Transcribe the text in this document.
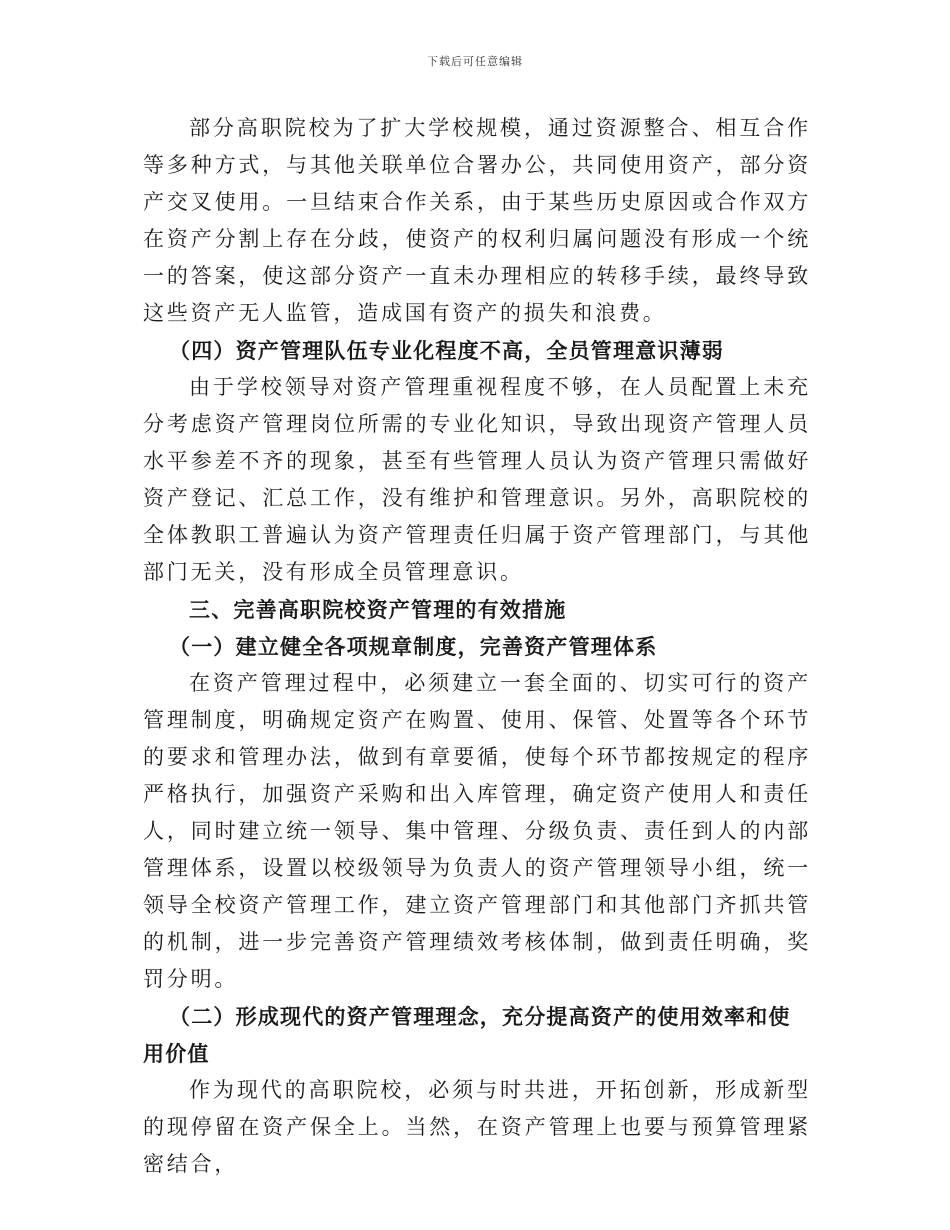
下载后可任意编辑

部分高职院校为了扩大学校规模，通过资源整合、相互合作等多种方式，与其他关联单位合署办公，共同使用资产，部分资产交叉使用。一旦结束合作关系，由于某些历史原因或合作双方在资产分割上存在分歧，使资产的权利归属问题没有形成一个统一的答案，使这部分资产一直未办理相应的转移手续，最终导致这些资产无人监管，造成国有资产的损失和浪费。

（四）资产管理队伍专业化程度不高，全员管理意识薄弱

由于学校领导对资产管理重视程度不够，在人员配置上未充分考虑资产管理岗位所需的专业化知识，导致出现资产管理人员水平参差不齐的现象，甚至有些管理人员认为资产管理只需做好资产登记、汇总工作，没有维护和管理意识。另外，高职院校的全体教职工普遍认为资产管理责任归属于资产管理部门，与其他部门无关，没有形成全员管理意识。

三、完善高职院校资产管理的有效措施

（一）建立健全各项规章制度，完善资产管理体系

在资产管理过程中，必须建立一套全面的、切实可行的资产管理制度，明确规定资产在购置、使用、保管、处置等各个环节的要求和管理办法，做到有章要循，使每个环节都按规定的程序严格执行，加强资产采购和出入库管理，确定资产使用人和责任人，同时建立统一领导、集中管理、分级负责、责任到人的内部管理体系，设置以校级领导为负责人的资产管理领导小组，统一领导全校资产管理工作，建立资产管理部门和其他部门齐抓共管的机制，进一步完善资产管理绩效考核体制，做到责任明确，奖罚分明。

（二）形成现代的资产管理理念，充分提高资产的使用效率和使用价值

作为现代的高职院校，必须与时共进，开拓创新，形成新型的现停留在资产保全上。当然，在资产管理上也要与预算管理紧密结合，
